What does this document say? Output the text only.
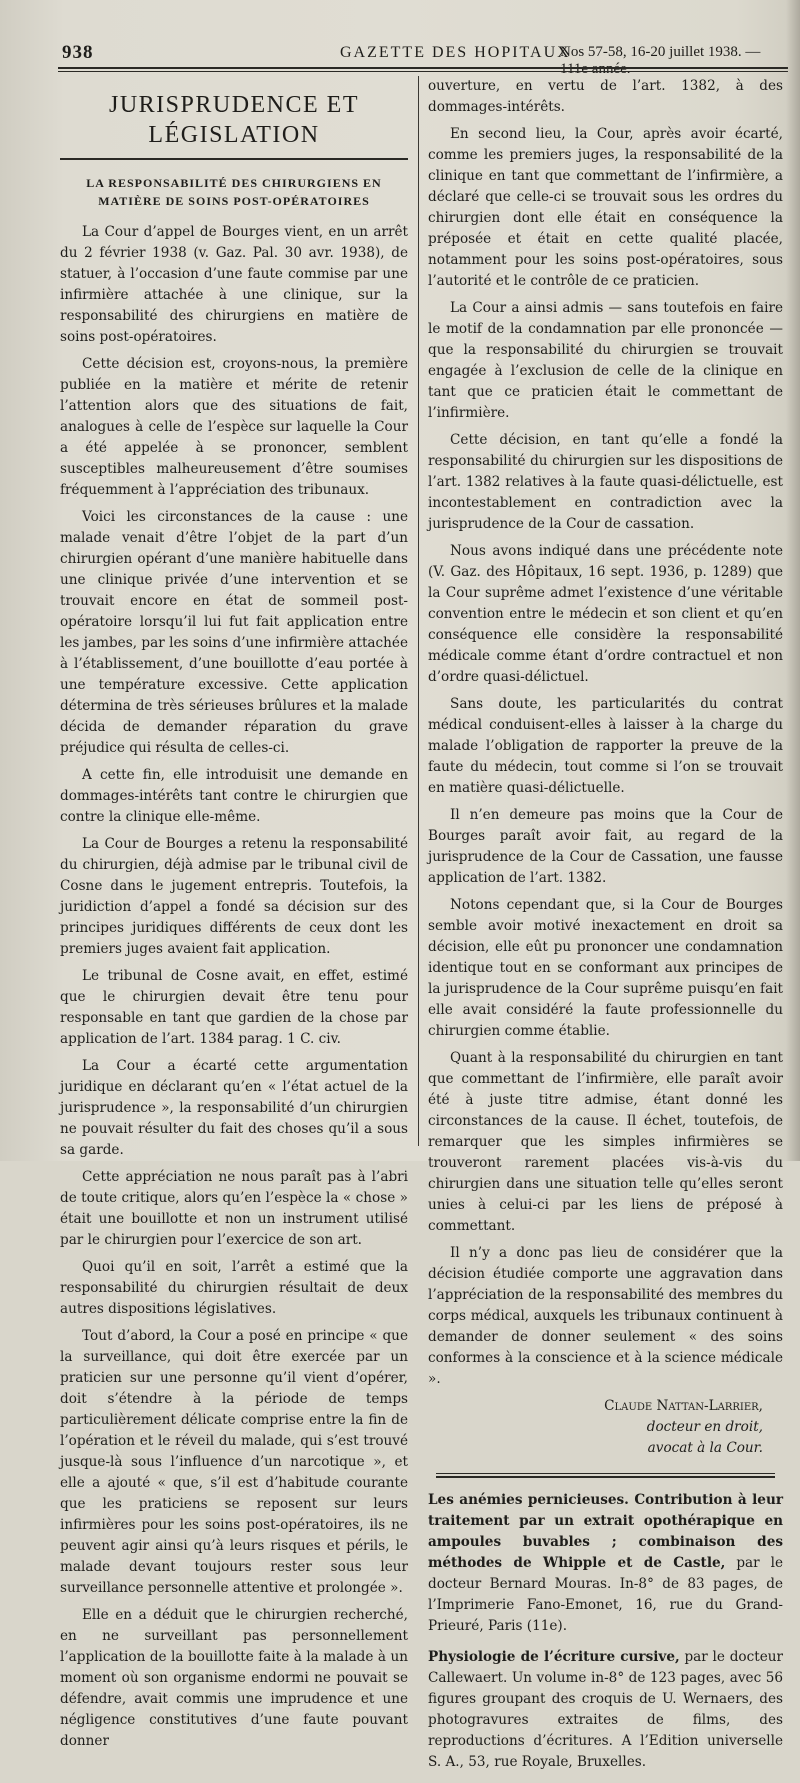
938	GAZETTE DES HOPITAUX
Nos 57-58, 16-20 juillet 1938. — 111e année.
JURISPRUDENCE ET LÉGISLATION
LA RESPONSABILITÉ DES CHIRURGIENS EN MATIÈRE DE SOINS POST-OPÉRATOIRES

La Cour d’appel de Bourges vient, en un arrêt du 2 février 1938 (v. Gaz. Pal. 30 avr. 1938), de statuer, à l’occasion d’une faute commise par une infirmière attachée à une clinique, sur la responsabilité des chirurgiens en matière de soins post-opératoires.

Cette décision est, croyons-nous, la première publiée en la matière et mérite de retenir l’attention alors que des situations de fait, analogues à celle de l’espèce sur laquelle la Cour a été appelée à se prononcer, semblent susceptibles malheureusement d’être soumises fréquemment à l’appréciation des tribunaux.

Voici les circonstances de la cause : une malade venait d’être l’objet de la part d’un chirurgien opérant d’une manière habituelle dans une clinique privée d’une intervention et se trouvait encore en état de sommeil post-opératoire lorsqu’il lui fut fait application entre les jambes, par les soins d’une infirmière attachée à l’établissement, d’une bouillotte d’eau portée à une température excessive. Cette application détermina de très sérieuses brûlures et la malade décida de demander réparation du grave préjudice qui résulta de celles-ci.

A cette fin, elle introduisit une demande en dommages-intérêts tant contre le chirurgien que contre la clinique elle-même.

La Cour de Bourges a retenu la responsabilité du chirurgien, déjà admise par le tribunal civil de Cosne dans le jugement entrepris. Toutefois, la juridiction d’appel a fondé sa décision sur des principes juridiques différents de ceux dont les premiers juges avaient fait application.

Le tribunal de Cosne avait, en effet, estimé que le chirurgien devait être tenu pour responsable en tant que gardien de la chose par application de l’art. 1384 parag. 1 C. civ.

La Cour a écarté cette argumentation juridique en déclarant qu’en « l’état actuel de la jurisprudence », la responsabilité d’un chirurgien ne pouvait résulter du fait des choses qu’il a sous sa garde.

Cette appréciation ne nous paraît pas à l’abri de toute critique, alors qu’en l’espèce la « chose » était une bouillotte et non un instrument utilisé par le chirurgien pour l’exercice de son art.

Quoi qu’il en soit, l’arrêt a estimé que la responsabilité du chirurgien résultait de deux autres dispositions législatives.

Tout d’abord, la Cour a posé en principe « que la surveillance, qui doit être exercée par un praticien sur une personne qu’il vient d’opérer, doit s’étendre à la période de temps particulièrement délicate comprise entre la fin de l’opération et le réveil du malade, qui s’est trouvé jusque-là sous l’influence d’un narcotique », et elle a ajouté « que, s’il est d’habitude courante que les praticiens se reposent sur leurs infirmières pour les soins post-opératoires, ils ne peuvent agir ainsi qu’à leurs risques et périls, le malade devant toujours rester sous leur surveillance personnelle attentive et prolongée ».

Elle en a déduit que le chirurgien recherché, en ne surveillant pas personnellement l’application de la bouillotte faite à la malade à un moment où son organisme endormi ne pouvait se défendre, avait commis une imprudence et une négligence constitutives d’une faute pouvant donner

ouverture, en vertu de l’art. 1382, à des dommages-intérêts.

En second lieu, la Cour, après avoir écarté, comme les premiers juges, la responsabilité de la clinique en tant que commettant de l’infirmière, a déclaré que celle-ci se trouvait sous les ordres du chirurgien dont elle était en conséquence la préposée et était en cette qualité placée, notamment pour les soins post-opératoires, sous l’autorité et le contrôle de ce praticien.

La Cour a ainsi admis — sans toutefois en faire le motif de la condamnation par elle prononcée — que la responsabilité du chirurgien se trouvait engagée à l’exclusion de celle de la clinique en tant que ce praticien était le commettant de l’infirmière.

Cette décision, en tant qu’elle a fondé la responsabilité du chirurgien sur les dispositions de l’art. 1382 relatives à la faute quasi-délictuelle, est incontestablement en contradiction avec la jurisprudence de la Cour de cassation.

Nous avons indiqué dans une précédente note (V. Gaz. des Hôpitaux, 16 sept. 1936, p. 1289) que la Cour suprême admet l’existence d’une véritable convention entre le médecin et son client et qu’en conséquence elle considère la responsabilité médicale comme étant d’ordre contractuel et non d’ordre quasi-délictuel.

Sans doute, les particularités du contrat médical conduisent-elles à laisser à la charge du malade l’obligation de rapporter la preuve de la faute du médecin, tout comme si l’on se trouvait en matière quasi-délictuelle.

Il n’en demeure pas moins que la Cour de Bourges paraît avoir fait, au regard de la jurisprudence de la Cour de Cassation, une fausse application de l’art. 1382.

Notons cependant que, si la Cour de Bourges semble avoir motivé inexactement en droit sa décision, elle eût pu prononcer une condamnation identique tout en se conformant aux principes de la jurisprudence de la Cour suprême puisqu’en fait elle avait considéré la faute professionnelle du chirurgien comme établie.

Quant à la responsabilité du chirurgien en tant que commettant de l’infirmière, elle paraît avoir été à juste titre admise, étant donné les circonstances de la cause. Il échet, toutefois, de remarquer que les simples infirmières se trouveront rarement placées vis-à-vis du chirurgien dans une situation telle qu’elles seront unies à celui-ci par les liens de préposé à commettant.

Il n’y a donc pas lieu de considérer que la décision étudiée comporte une aggravation dans l’appréciation de la responsabilité des membres du corps médical, auxquels les tribunaux continuent à demander de donner seulement « des soins conformes à la conscience et à la science médicale ».

Claude Nattan-Larrier,
docteur en droit,
avocat à la Cour.

Les anémies pernicieuses. Contribution à leur traitement par un extrait opothérapique en ampoules buvables ; combinaison des méthodes de Whipple et de Castle, par le docteur Bernard Mouras. In-8° de 83 pages, de l’Imprimerie Fano-Emonet, 16, rue du Grand-Prieuré, Paris (11e).

Physiologie de l’écriture cursive, par le docteur Callewaert. Un volume in-8° de 123 pages, avec 56 figures groupant des croquis de U. Wernaers, des photogravures extraites de films, des reproductions d’écritures. A l’Edition universelle S. A., 53, rue Royale, Bruxelles.
